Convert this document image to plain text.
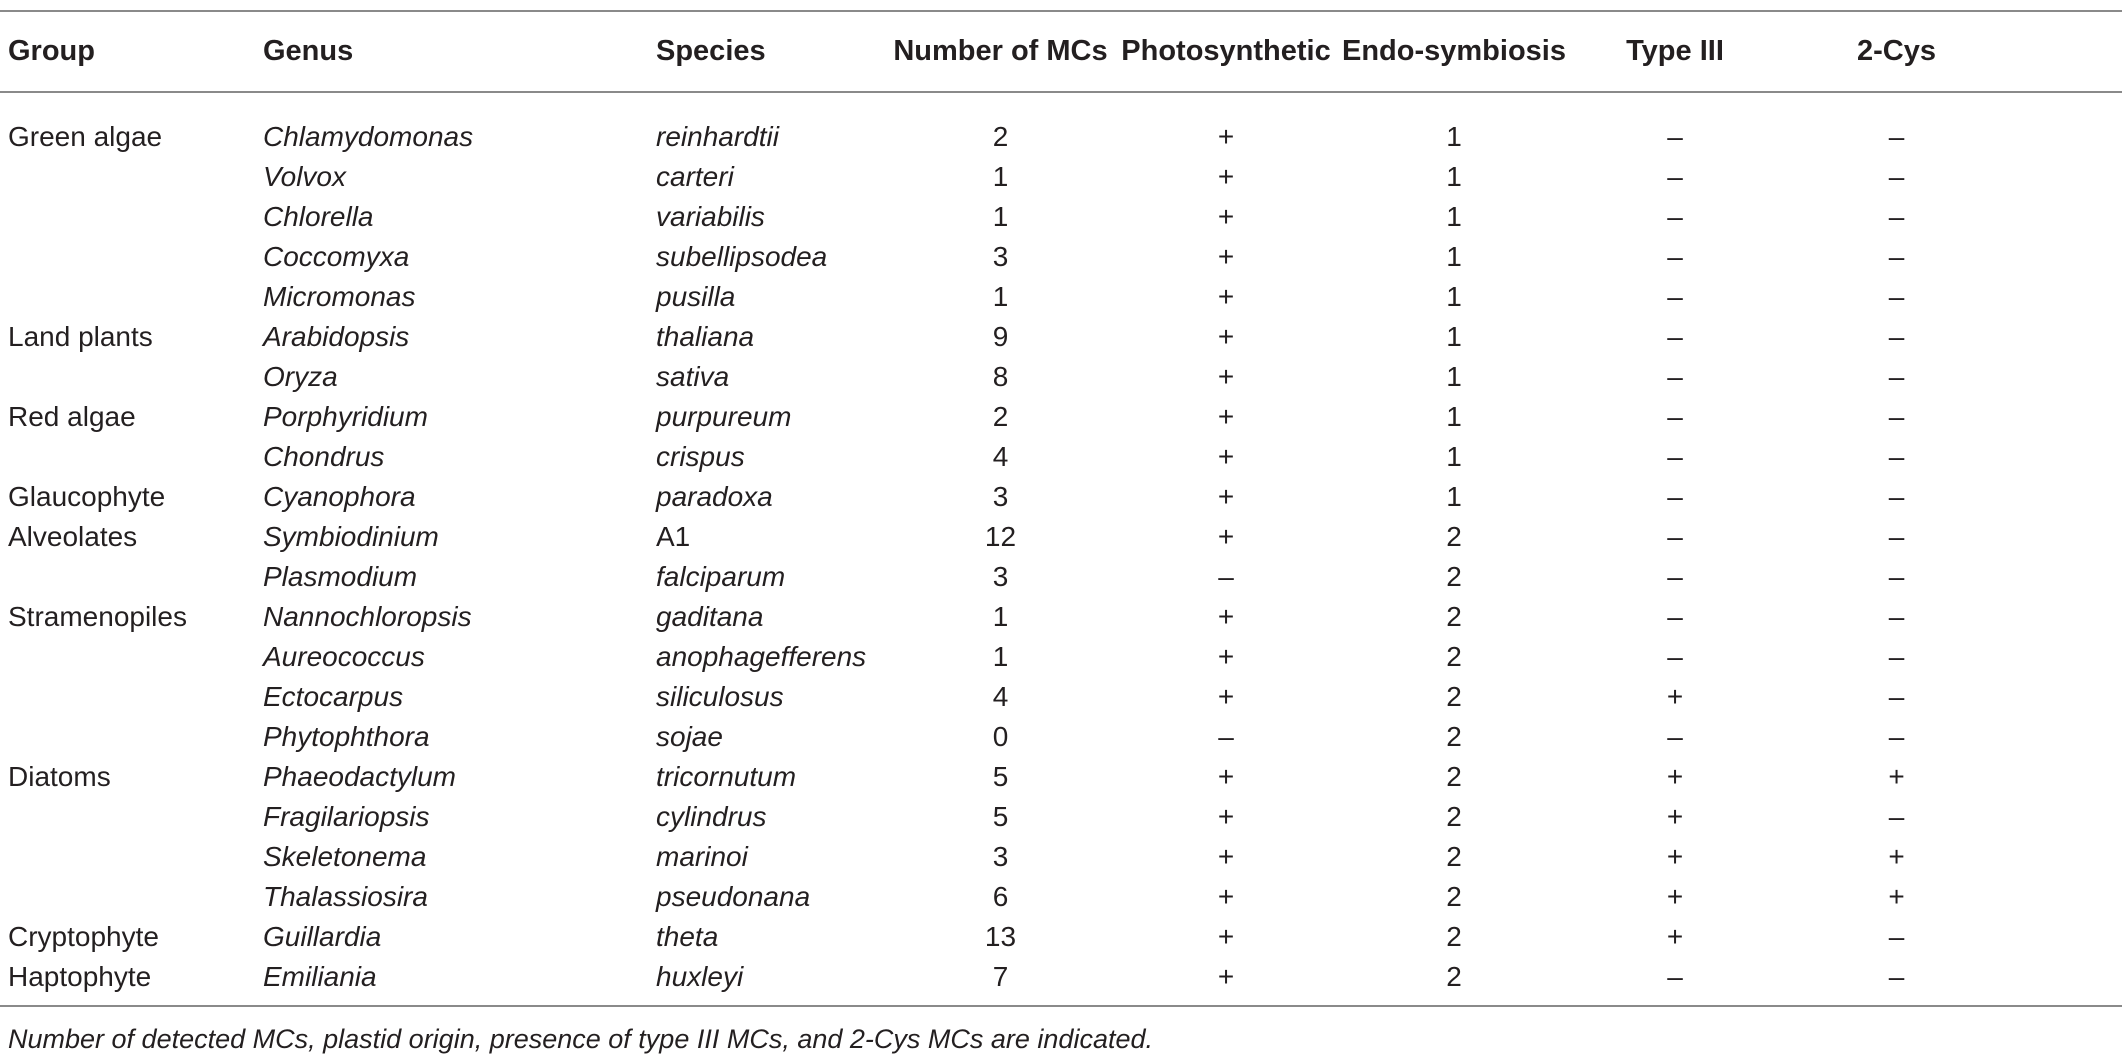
Group	Genus	Species	Number of MCs	Photosynthetic	Endo-symbiosis	Type III	2-Cys
Green algae	Chlamydomonas	reinhardtii	2	+	1	–	–
	Volvox	carteri	1	+	1	–	–
	Chlorella	variabilis	1	+	1	–	–
	Coccomyxa	subellipsodea	3	+	1	–	–
	Micromonas	pusilla	1	+	1	–	–
Land plants	Arabidopsis	thaliana	9	+	1	–	–
	Oryza	sativa	8	+	1	–	–
Red algae	Porphyridium	purpureum	2	+	1	–	–
	Chondrus	crispus	4	+	1	–	–
Glaucophyte	Cyanophora	paradoxa	3	+	1	–	–
Alveolates	Symbiodinium	A1	12	+	2	–	–
	Plasmodium	falciparum	3	–	2	–	–
Stramenopiles	Nannochloropsis	gaditana	1	+	2	–	–
	Aureococcus	anophagefferens	1	+	2	–	–
	Ectocarpus	siliculosus	4	+	2	+	–
	Phytophthora	sojae	0	–	2	–	–
Diatoms	Phaeodactylum	tricornutum	5	+	2	+	+
	Fragilariopsis	cylindrus	5	+	2	+	–
	Skeletonema	marinoi	3	+	2	+	+
	Thalassiosira	pseudonana	6	+	2	+	+
Cryptophyte	Guillardia	theta	13	+	2	+	–
Haptophyte	Emiliania	huxleyi	7	+	2	–	–
Number of detected MCs, plastid origin, presence of type III MCs, and 2-Cys MCs are indicated.
